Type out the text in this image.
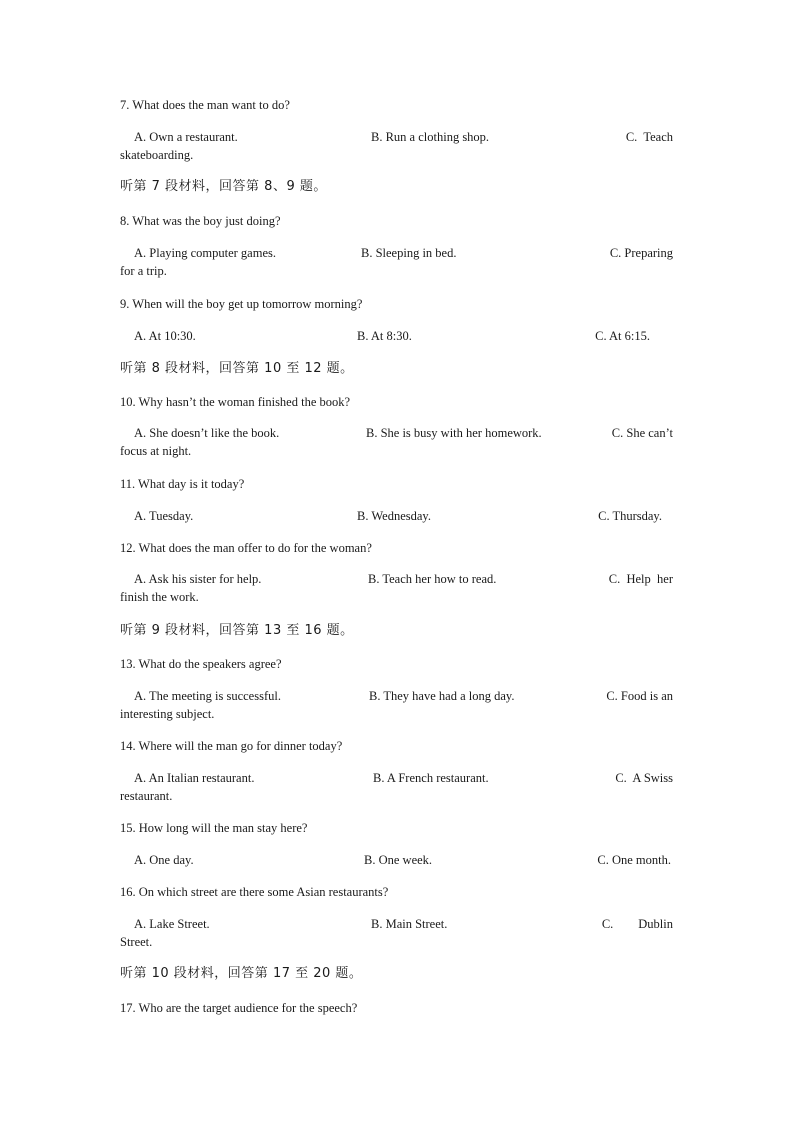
7. What does the man want to do?
A. Own a restaurant.	B. Run a clothing shop.	C.  Teach
skateboarding.
听第 7 段材料，回答第 8、9 题。
8. What was the boy just doing?
A. Playing computer games.	B. Sleeping in bed.	C. Preparing
for a trip.
9. When will the boy get up tomorrow morning?
A. At 10:30.	B. At 8:30.	C. At 6:15.
听第 8 段材料，回答第 10 至 12 题。
10. Why hasn’t the woman finished the book?
A. She doesn’t like the book.	B. She is busy with her homework.	C. She can’t
focus at night.
11. What day is it today?
A. Tuesday.	B. Wednesday.	C. Thursday.
12. What does the man offer to do for the woman?
A. Ask his sister for help.	B. Teach her how to read.	C.  Help  her
finish the work.
听第 9 段材料，回答第 13 至 16 题。
13. What do the speakers agree?
A. The meeting is successful.	B. They have had a long day.	C. Food is an
interesting subject.
14. Where will the man go for dinner today?
A. An Italian restaurant.	B. A French restaurant.	C.  A Swiss
restaurant.
15. How long will the man stay here?
A. One day.	B. One week.	C. One month.
16. On which street are there some Asian restaurants?
A. Lake Street.	B. Main Street.	C.        Dublin
Street.
听第 10 段材料，回答第 17 至 20 题。
17. Who are the target audience for the speech?
